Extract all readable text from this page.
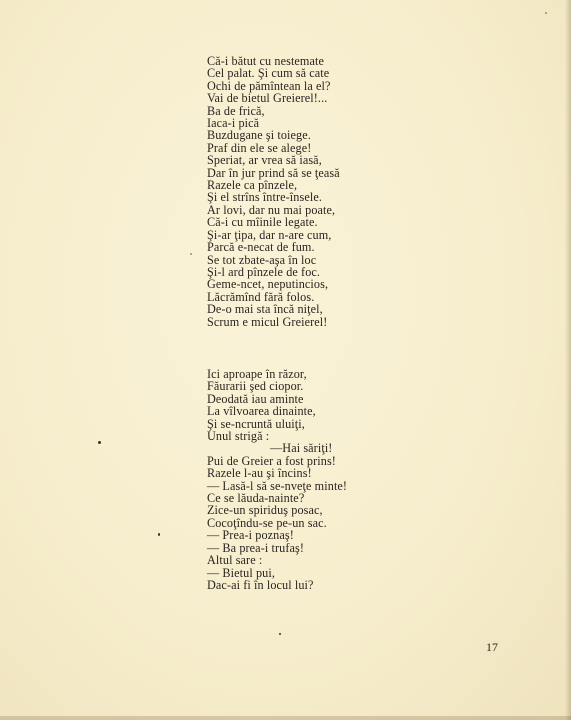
Că-i bătut cu nestemate
Cel palat. Şi cum să cate
Ochi de pămîntean la el?
Vai de bietul Greierel!...
Ba de frică,
Iaca-i pică
Buzdugane şi toiege.
Praf din ele se alege!
Speriat, ar vrea să iasă,
Dar în jur prind să se ţeasă
Razele ca pînzele,
Şi el strîns între-însele.
Ar lovi, dar nu mai poate,
Că-i cu mîinile legate.
Şi-ar ţipa, dar n-are cum,
Parcă e-necat de fum.
Se tot zbate-aşa în loc
Şi-l ard pînzele de foc.
Geme-ncet, neputincios,
Lăcrămînd fără folos.
De-o mai sta încă niţel,
Scrum e micul Greierel!
Ici aproape în răzor,
Făurarii şed ciopor.
Deodată iau aminte
La vîlvoarea dinainte,
Şi se-ncruntă uluiţi,
Unul strigă :
—Hai săriţi!
Pui de Greier a fost prins!
Razele l-au şi încins!
— Lasă-l să se-nveţe minte!
Ce se lăuda-nainte?
Zice-un spiriduş posac,
Cocoţîndu-se pe-un sac.
— Prea-i poznaş!
— Ba prea-i trufaş!
Altul sare :
— Bietul pui,
Dac-ai fi în locul lui?
17
